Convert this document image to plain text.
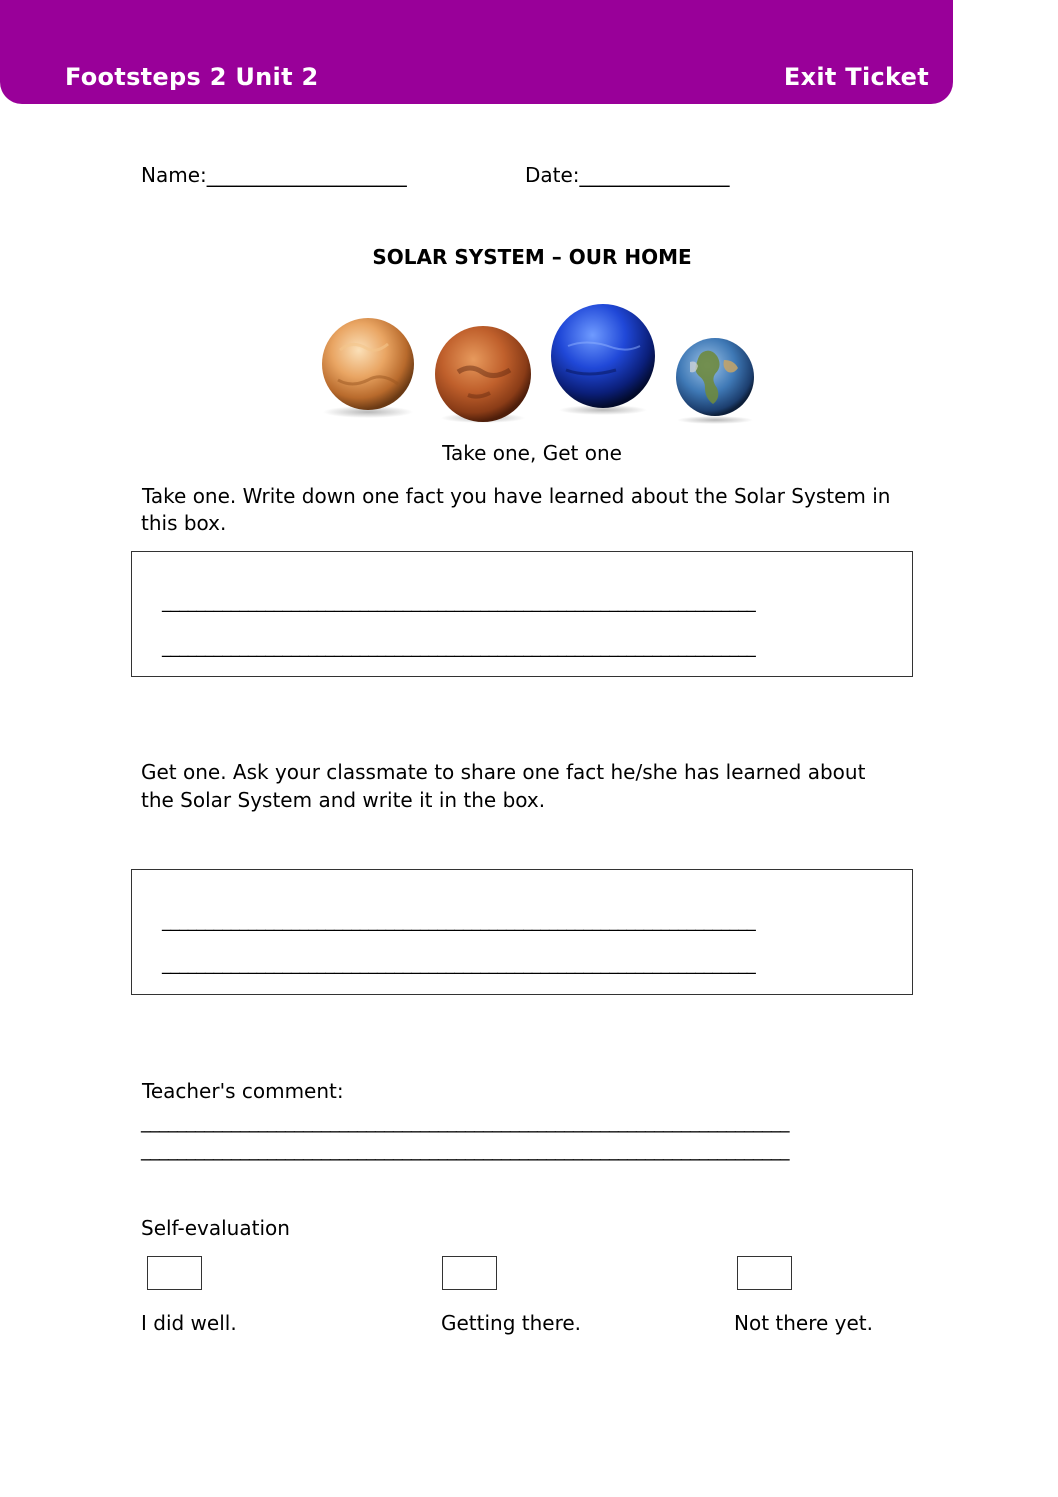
Footsteps 2 Unit 2	Exit Ticket
Name:____________________	Date:_______________
SOLAR SYSTEM – OUR HOME
Take one, Get one
Take one. Write down one fact you have learned about the Solar System in
this box.
_____________________________________________________________________
_____________________________________________________________________
Get one. Ask your classmate to share one fact he/she has learned about
the Solar System and write it in the box.
_____________________________________________________________________
_____________________________________________________________________
Teacher's comment:
________________________________________________________________________
________________________________________________________________________
Self-evaluation
I did well.	Getting there.	Not there yet.
